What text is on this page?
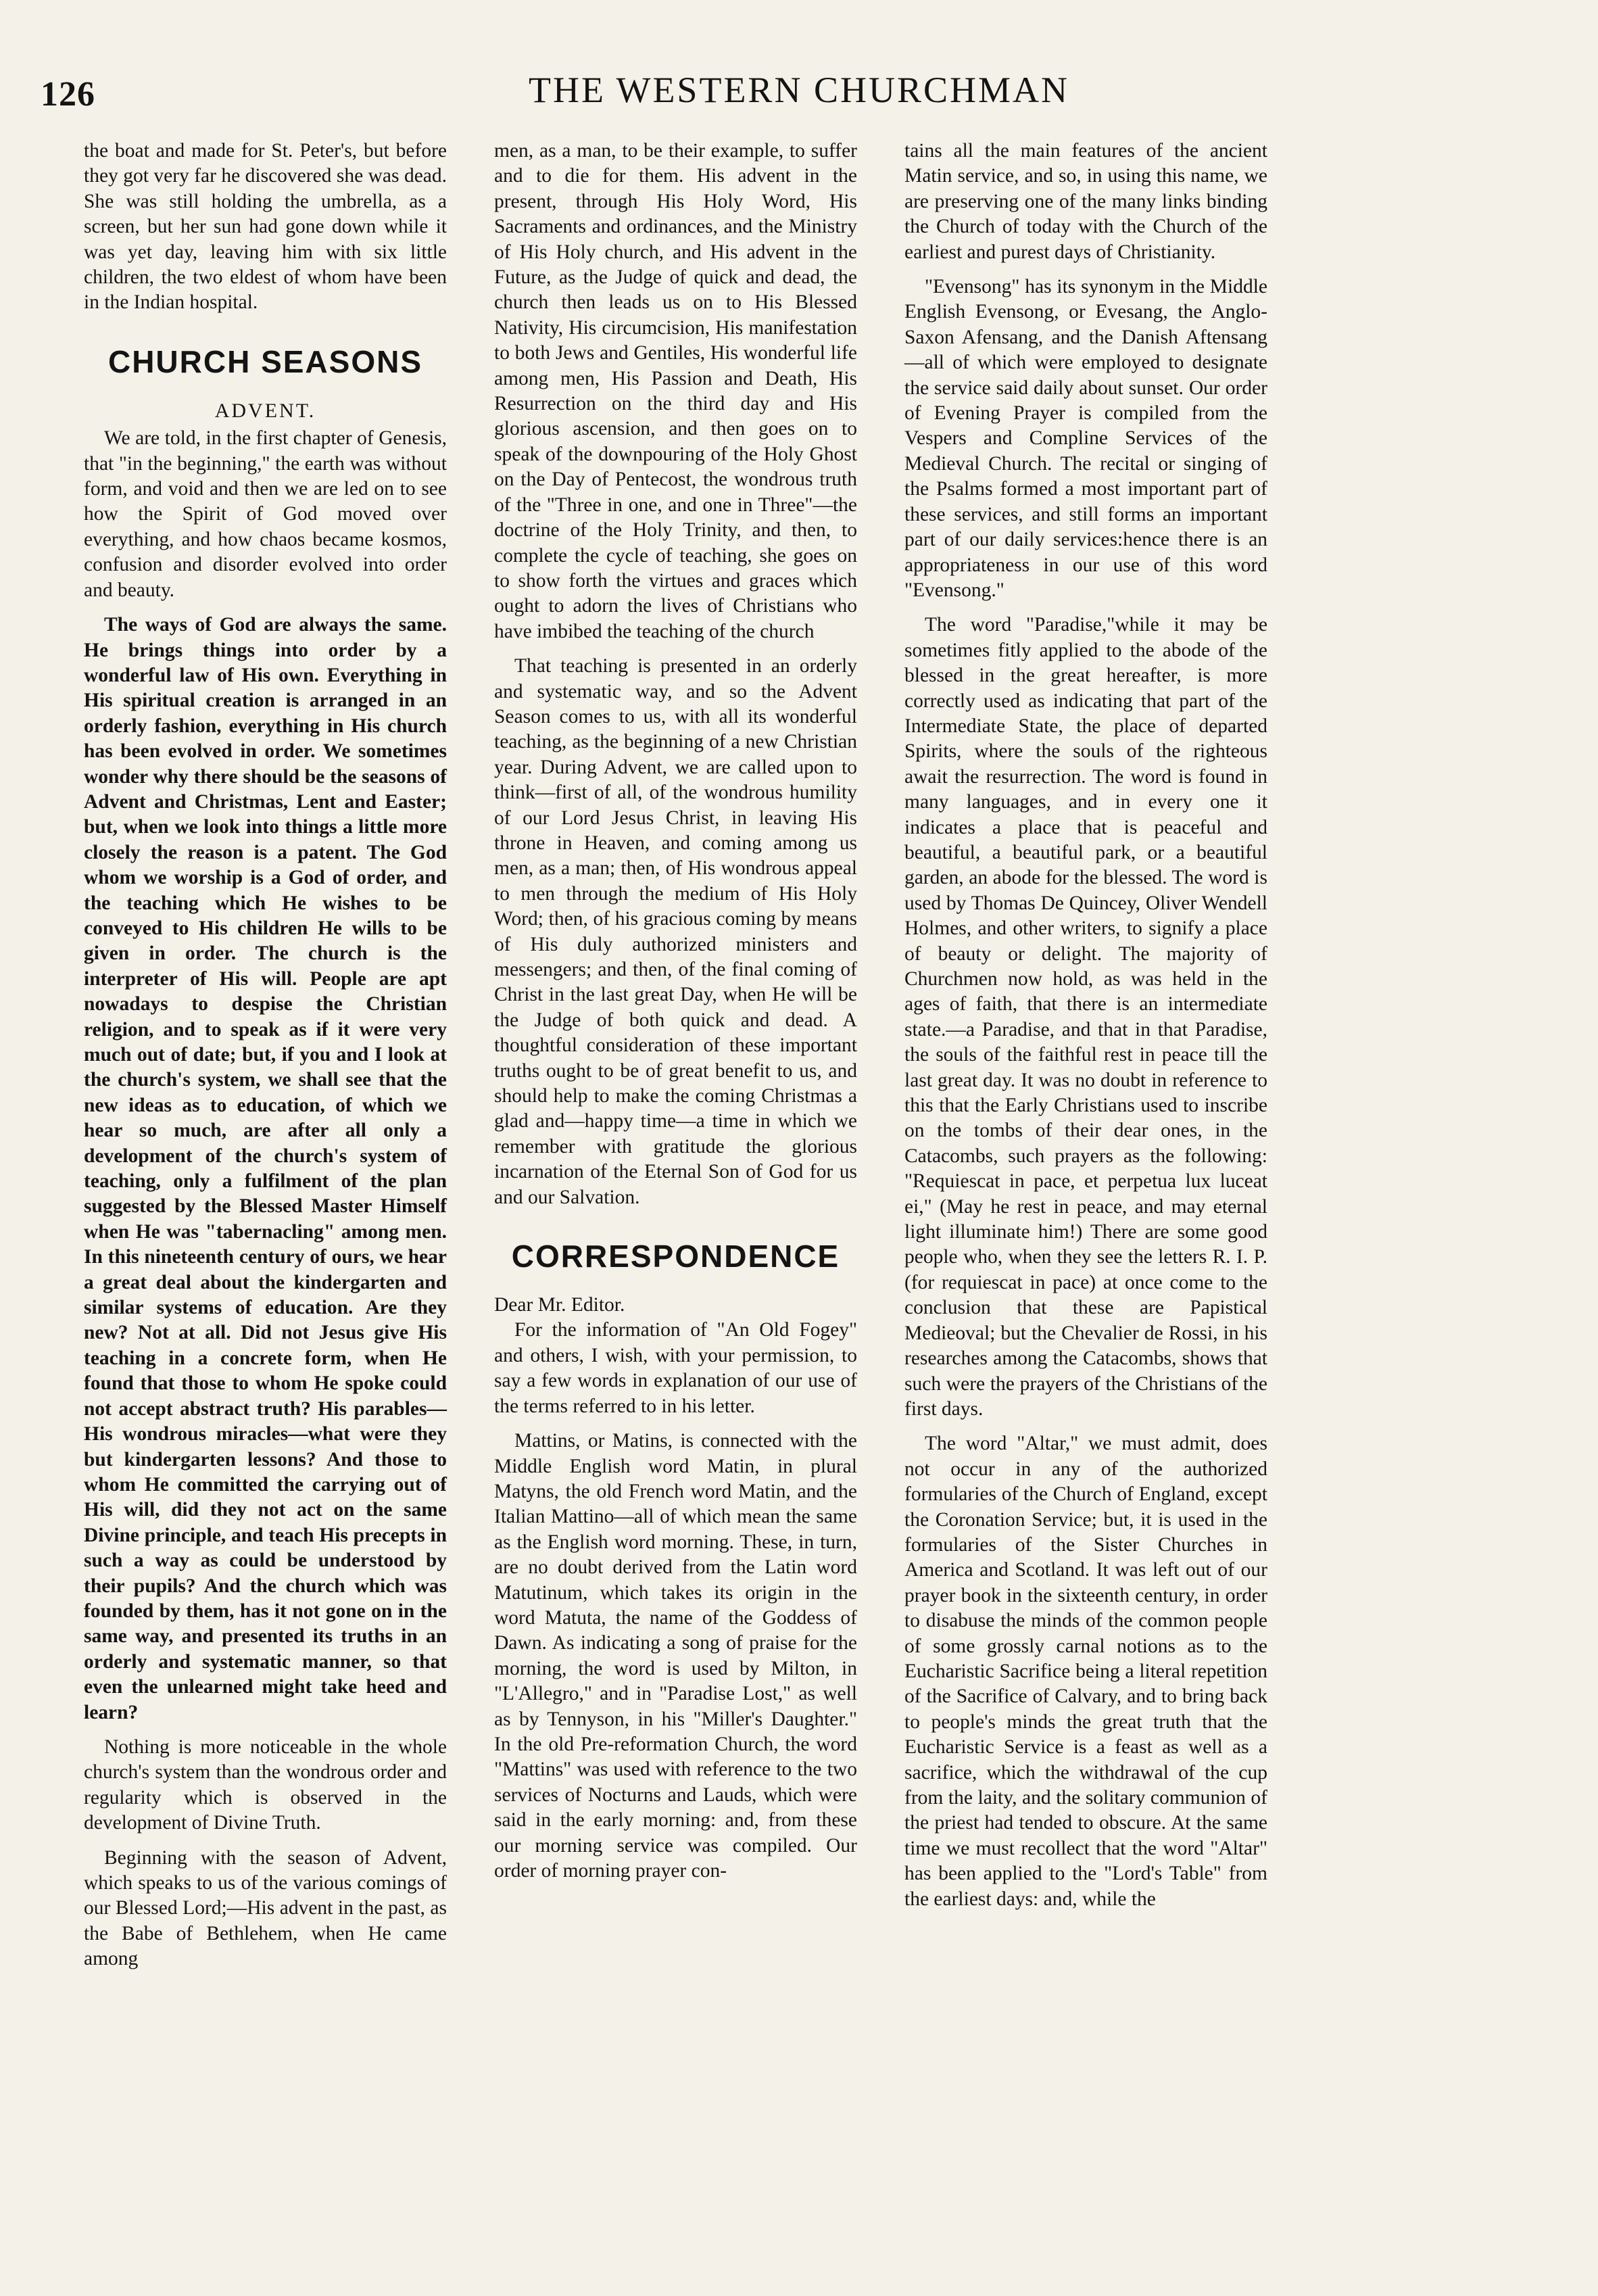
126	THE WESTERN CHURCHMAN

the boat and made for St. Peter's, but before they got very far he discovered she was dead. She was still holding the umbrella, as a screen, but her sun had gone down while it was yet day, leaving him with six little children, the two eldest of whom have been in the Indian hospital.

CHURCH SEASONS
ADVENT.

We are told, in the first chapter of Genesis, that "in the beginning," the earth was without form, and void and then we are led on to see how the Spirit of God moved over everything, and how chaos became kosmos, confusion and disorder evolved into order and beauty.

The ways of God are always the same. He brings things into order by a wonderful law of His own. Everything in His spiritual creation is arranged in an orderly fashion, everything in His church has been evolved in order. We sometimes wonder why there should be the seasons of Advent and Christmas, Lent and Easter; but, when we look into things a little more closely the reason is a patent. The God whom we worship is a God of order, and the teaching which He wishes to be conveyed to His children He wills to be given in order. The church is the interpreter of His will. People are apt nowadays to despise the Christian religion, and to speak as if it were very much out of date; but, if you and I look at the church's system, we shall see that the new ideas as to education, of which we hear so much, are after all only a development of the church's system of teaching, only a fulfilment of the plan suggested by the Blessed Master Himself when He was "tabernacling" among men. In this nineteenth century of ours, we hear a great deal about the kindergarten and similar systems of education. Are they new? Not at all. Did not Jesus give His teaching in a concrete form, when He found that those to whom He spoke could not accept abstract truth? His parables—His wondrous miracles—what were they but kindergarten lessons? And those to whom He committed the carrying out of His will, did they not act on the same Divine principle, and teach His precepts in such a way as could be understood by their pupils? And the church which was founded by them, has it not gone on in the same way, and presented its truths in an orderly and systematic manner, so that even the unlearned might take heed and learn?

Nothing is more noticeable in the whole church's system than the wondrous order and regularity which is observed in the development of Divine Truth.

Beginning with the season of Advent, which speaks to us of the various comings of our Blessed Lord;—His advent in the past, as the Babe of Bethlehem, when He came among

men, as a man, to be their example, to suffer and to die for them. His advent in the present, through His Holy Word, His Sacraments and ordinances, and the Ministry of His Holy church, and His advent in the Future, as the Judge of quick and dead, the church then leads us on to His Blessed Nativity, His circumcision, His manifestation to both Jews and Gentiles, His wonderful life among men, His Passion and Death, His Resurrection on the third day and His glorious ascension, and then goes on to speak of the downpouring of the Holy Ghost on the Day of Pentecost, the wondrous truth of the "Three in one, and one in Three"—the doctrine of the Holy Trinity, and then, to complete the cycle of teaching, she goes on to show forth the virtues and graces which ought to adorn the lives of Christians who have imbibed the teaching of the church

That teaching is presented in an orderly and systematic way, and so the Advent Season comes to us, with all its wonderful teaching, as the beginning of a new Christian year. During Advent, we are called upon to think—first of all, of the wondrous humility of our Lord Jesus Christ, in leaving His throne in Heaven, and coming among us men, as a man; then, of His wondrous appeal to men through the medium of His Holy Word; then, of his gracious coming by means of His duly authorized ministers and messengers; and then, of the final coming of Christ in the last great Day, when He will be the Judge of both quick and dead. A thoughtful consideration of these important truths ought to be of great benefit to us, and should help to make the coming Christmas a glad and—happy time—a time in which we remember with gratitude the glorious incarnation of the Eternal Son of God for us and our Salvation.

CORRESPONDENCE

Dear Mr. Editor.

For the information of "An Old Fogey" and others, I wish, with your permission, to say a few words in explanation of our use of the terms referred to in his letter.

Mattins, or Matins, is connected with the Middle English word Matin, in plural Matyns, the old French word Matin, and the Italian Mattino—all of which mean the same as the English word morning. These, in turn, are no doubt derived from the Latin word Matutinum, which takes its origin in the word Matuta, the name of the Goddess of Dawn. As indicating a song of praise for the morning, the word is used by Milton, in "L'Allegro," and in "Paradise Lost," as well as by Tennyson, in his "Miller's Daughter." In the old Pre-reformation Church, the word "Mattins" was used with reference to the two services of Nocturns and Lauds, which were said in the early morning: and, from these our morning service was compiled. Our order of morning prayer con-

tains all the main features of the ancient Matin service, and so, in using this name, we are preserving one of the many links binding the Church of today with the Church of the earliest and purest days of Christianity.

"Evensong" has its synonym in the Middle English Evensong, or Evesang, the Anglo-Saxon Afensang, and the Danish Aftensang—all of which were employed to designate the service said daily about sunset. Our order of Evening Prayer is compiled from the Vespers and Compline Services of the Medieval Church. The recital or singing of the Psalms formed a most important part of these services, and still forms an important part of our daily services:hence there is an appropriateness in our use of this word "Evensong."

The word "Paradise,"while it may be sometimes fitly applied to the abode of the blessed in the great hereafter, is more correctly used as indicating that part of the Intermediate State, the place of departed Spirits, where the souls of the righteous await the resurrection. The word is found in many languages, and in every one it indicates a place that is peaceful and beautiful, a beautiful park, or a beautiful garden, an abode for the blessed. The word is used by Thomas De Quincey, Oliver Wendell Holmes, and other writers, to signify a place of beauty or delight. The majority of Churchmen now hold, as was held in the ages of faith, that there is an intermediate state.—a Paradise, and that in that Paradise, the souls of the faithful rest in peace till the last great day. It was no doubt in reference to this that the Early Christians used to inscribe on the tombs of their dear ones, in the Catacombs, such prayers as the following: "Requiescat in pace, et perpetua lux luceat ei," (May he rest in peace, and may eternal light illuminate him!) There are some good people who, when they see the letters R. I. P. (for requiescat in pace) at once come to the conclusion that these are Papistical Medieoval; but the Chevalier de Rossi, in his researches among the Catacombs, shows that such were the prayers of the Christians of the first days.

The word "Altar," we must admit, does not occur in any of the authorized formularies of the Church of England, except the Coronation Service; but, it is used in the formularies of the Sister Churches in America and Scotland. It was left out of our prayer book in the sixteenth century, in order to disabuse the minds of the common people of some grossly carnal notions as to the Eucharistic Sacrifice being a literal repetition of the Sacrifice of Calvary, and to bring back to people's minds the great truth that the Eucharistic Service is a feast as well as a sacrifice, which the withdrawal of the cup from the laity, and the solitary communion of the priest had tended to obscure. At the same time we must recollect that the word "Altar" has been applied to the "Lord's Table" from the earliest days: and, while the
